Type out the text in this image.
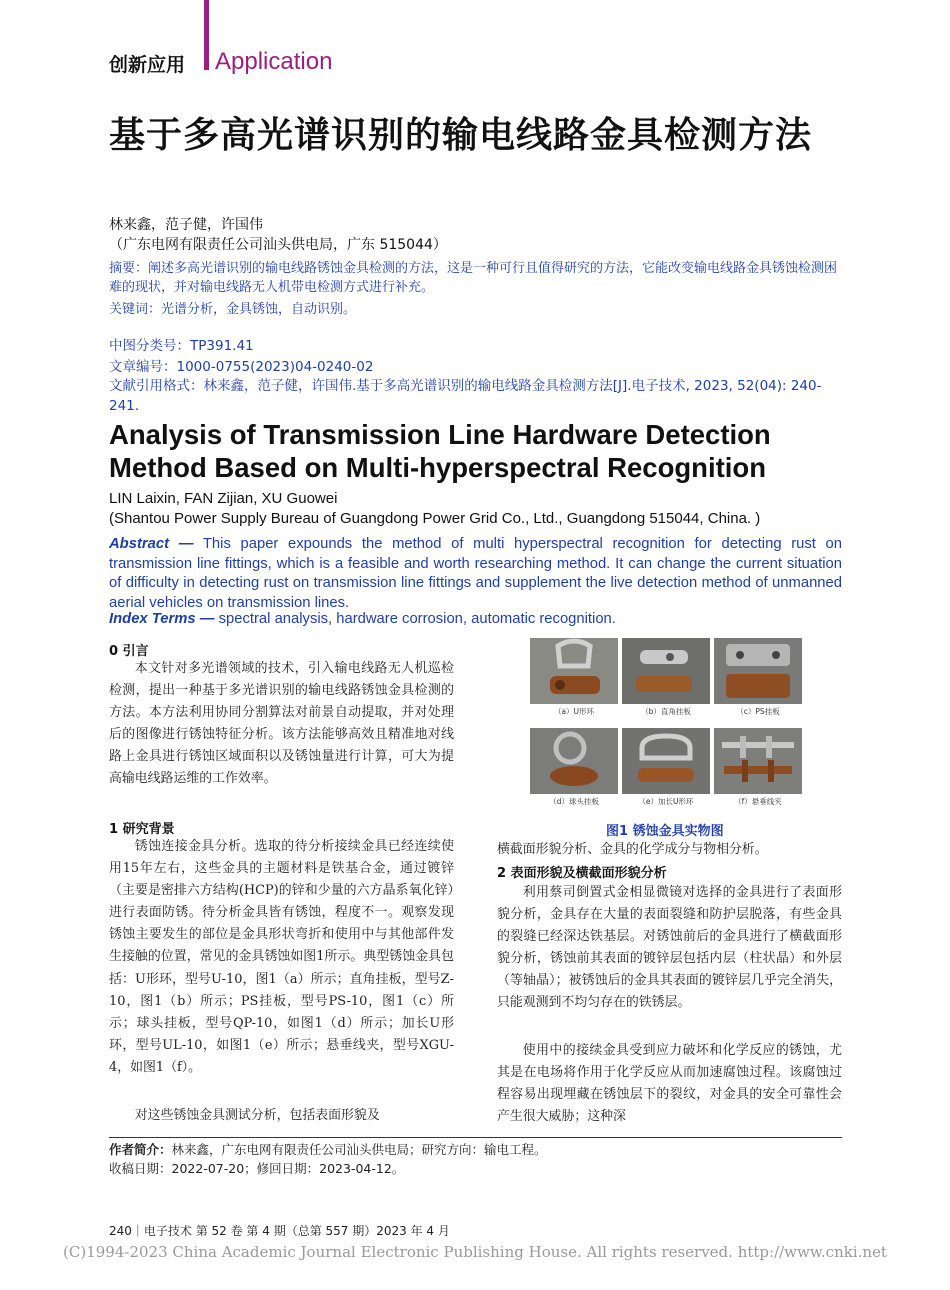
创新应用 Application
基于多高光谱识别的输电线路金具检测方法
林来鑫，范子健，许国伟
（广东电网有限责任公司汕头供电局，广东 515044）
摘要：阐述多高光谱识别的输电线路锈蚀金具检测的方法，这是一种可行且值得研究的方法，它能改变输电线路金具锈蚀检测困难的现状，并对输电线路无人机带电检测方式进行补充。
关键词：光谱分析，金具锈蚀，自动识别。
中图分类号：TP391.41
文章编号：1000-0755(2023)04-0240-02
文献引用格式：林来鑫，范子健，许国伟.基于多高光谱识别的输电线路金具检测方法[J].电子技术, 2023, 52(04): 240-241.
Analysis of Transmission Line Hardware Detection Method Based on Multi-hyperspectral Recognition
LIN Laixin, FAN Zijian, XU Guowei
(Shantou Power Supply Bureau of Guangdong Power Grid Co., Ltd., Guangdong 515044, China. )
Abstract — This paper expounds the method of multi hyperspectral recognition for detecting rust on transmission line fittings, which is a feasible and worth researching method. It can change the current situation of difficulty in detecting rust on transmission line fittings and supplement the live detection method of unmanned aerial vehicles on transmission lines.
Index Terms — spectral analysis, hardware corrosion, automatic recognition.
0 引言
本文针对多光谱领域的技术，引入输电线路无人机巡检检测，提出一种基于多光谱识别的输电线路锈蚀金具检测的方法。本方法利用协同分割算法对前景自动提取，并对处理后的图像进行锈蚀特征分析。该方法能够高效且精准地对线路上金具进行锈蚀区域面积以及锈蚀量进行计算，可大为提高输电线路运维的工作效率。
1 研究背景
锈蚀连接金具分析。选取的待分析接续金具已经连续使用15年左右，这些金具的主题材料是铁基合金，通过镀锌（主要是密排六方结构(HCP)的锌和少量的六方晶系氧化锌）进行表面防锈。待分析金具皆有锈蚀，程度不一。观察发现锈蚀主要发生的部位是金具形状弯折和使用中与其他部件发生接触的位置，常见的金具锈蚀如图1所示。典型锈蚀金具包括：U形环，型号U-10，图1（a）所示；直角挂板，型号Z-10，图1（b）所示；PS挂板，型号PS-10，图1（c）所示；球头挂板，型号QP-10，如图1（d）所示；加长U形环，型号UL-10，如图1（e）所示；悬垂线夹，型号XGU-4，如图1（f）。
对这些锈蚀金具测试分析，包括表面形貌及
（a）U形环	（b）直角挂板	（c）PS挂板
（d）球头挂板	（e）加长U形环	（f）悬垂线夹
图1 锈蚀金具实物图
横截面形貌分析、金具的化学成分与物相分析。
2 表面形貌及横截面形貌分析
利用蔡司倒置式金相显微镜对选择的金具进行了表面形貌分析，金具存在大量的表面裂缝和防护层脱落，有些金具的裂缝已经深达铁基层。对锈蚀前后的金具进行了横截面形貌分析，锈蚀前其表面的镀锌层包括内层（柱状晶）和外层（等轴晶）；被锈蚀后的金具其表面的镀锌层几乎完全消失，只能观测到不均匀存在的铁锈层。
使用中的接续金具受到应力破坏和化学反应的锈蚀，尤其是在电场将作用于化学反应从而加速腐蚀过程。该腐蚀过程容易出现埋藏在锈蚀层下的裂纹，对金具的安全可靠性会产生很大威胁；这种深
作者简介：林来鑫，广东电网有限责任公司汕头供电局；研究方向：输电工程。
收稿日期：2022-07-20；修回日期：2023-04-12。
240｜电子技术 第 52 卷 第 4 期（总第 557 期）2023 年 4 月
(C)1994-2023 China Academic Journal Electronic Publishing House. All rights reserved. http://www.cnki.net
